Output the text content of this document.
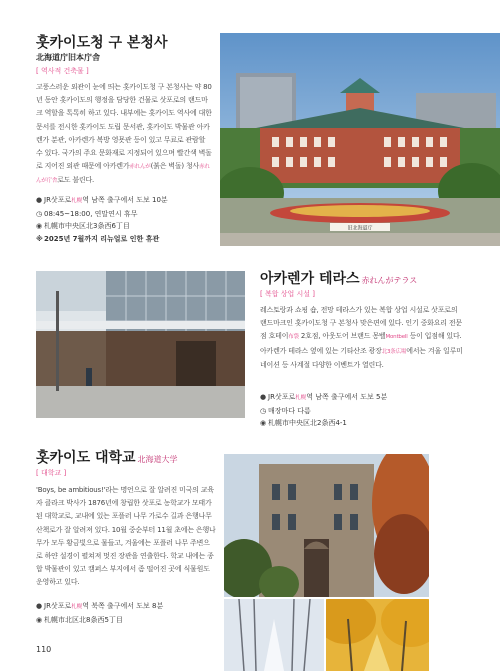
훗카이도청 구 본청사
北海道庁旧本庁舎
[ 역사적 건축물 ]
고풍스러운 외관이 눈에 띄는 홋카이도청 구 본청사는 약 80년 동안 홋카이도의 행정을 담당한 건물로 삿포로의 랜드마크 역할을 톡톡히 하고 있다. 내부에는 홋카이도 역사에 대한 문서를 전시한 홋카이도 도립 문서관, 홋카이도 박물관 아카렌가 분관, 아카렌가 복방 영묫관 등이 있고 무료로 관람할 수 있다. 국가의 주요 문화재로 지정되어 있으며 빨간색 벽돌로 지어진 외관 때문에 아카렌가赤れんが(붉은 벽돌) 청사赤れんが庁舎로도 불린다.
● JR삿포로札幌역 남쪽 출구에서 도보 10분
◷ 08:45~18:00, 연말연시 휴무
◉ 札幌市中央区北3条西6丁目
※2025년 7월까지 리뉴얼로 인한 휴관
旧北海道庁
아카렌가 테라스 赤れんがテラス
[ 복합 상업 시설 ]
레스토랑과 쇼핑 숍, 전망 테라스가 있는 복합 상업 시설로 삿포로의 랜드마크인 홋카이도청 구 본청사 맞은편에 있다. 인기 중화요리 전문점 호테이布袋 2호점, 아웃도어 브랜드 몽벨Montbell 등이 입점해 있다. 아카렌가 테라스 옆에 있는 기타산조 광장北3条広場에서는 겨울 일루미네이션 등 사계절 다양한 이벤트가 열린다.
● JR삿포로札幌역 남쪽 출구에서 도보 5분
◷ 매장마다 다름
◉ 札幌市中央区北2条西4-1
홋카이도 대학교 北海道大学
[ 대학교 ]
'Boys, be ambitious!'라는 명언으로 잘 알려진 미국의 교육자 클라크 박사가 1876년에 창립한 삿포로 농학교가 모태가 된 대학교로, 교내에 있는 포플러 나무 가로수 길과 은행나무 산책로가 잘 알려져 있다. 10월 중순부터 11월 초에는 은행나무가 모두 황금빛으로 물들고, 겨울에는 포플러 나무 주변으로 하얀 설경이 펼쳐져 멋진 장관을 연출한다. 학교 내에는 종합 박물관이 있고 캠퍼스 부지에서 좀 떨어진 곳에 식물원도 운영하고 있다.
● JR삿포로札幌역 북쪽 출구에서 도보 8분
◉ 札幌市北区北8条西5丁目
110
